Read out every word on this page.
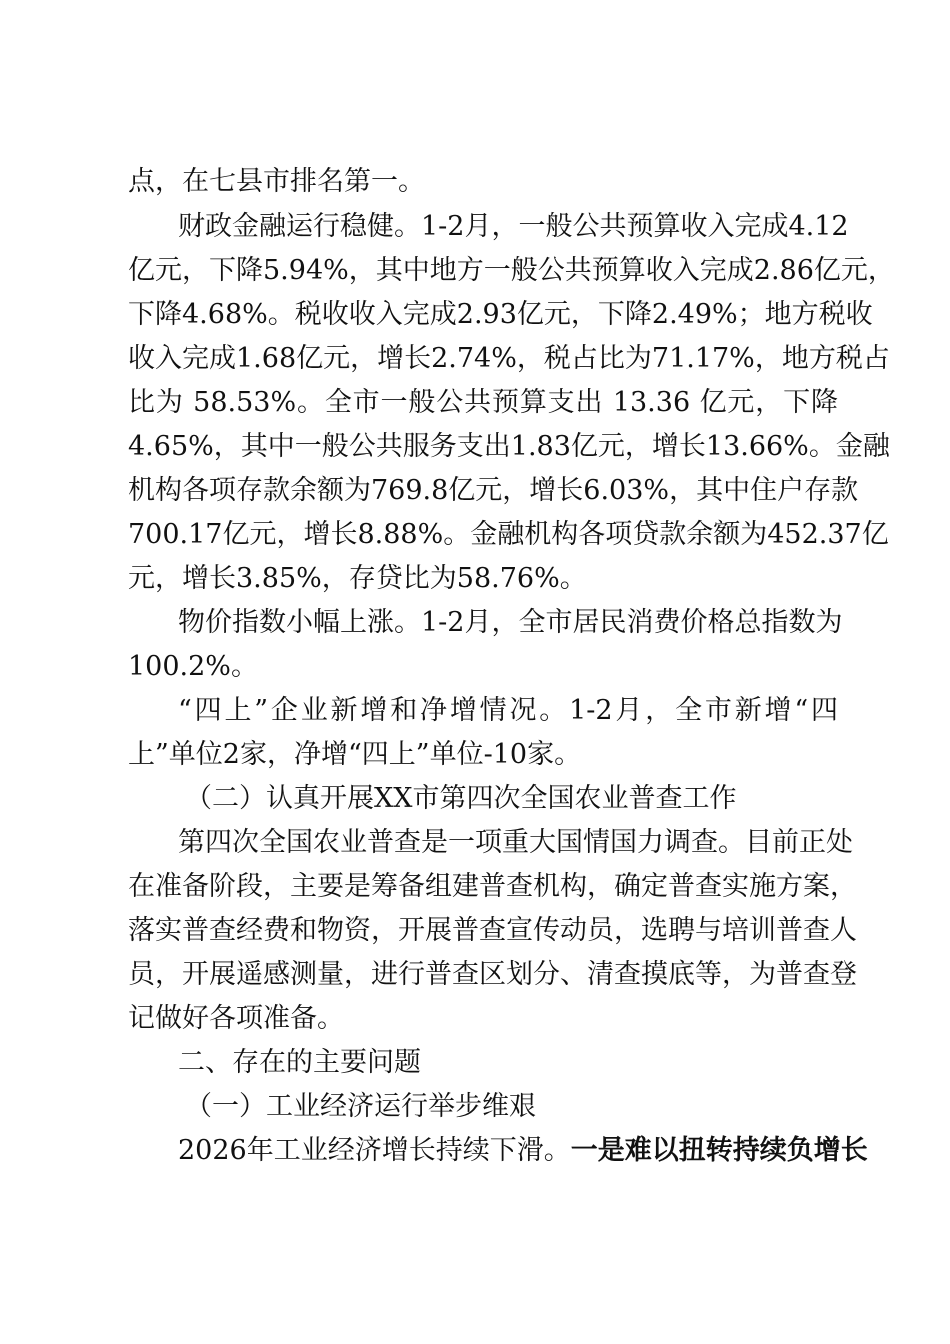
点，在七县市排名第一。
财政金融运行稳健。1-2月，一般公共预算收入完成4.12
亿元，下降5.94%，其中地方一般公共预算收入完成2.86亿元，
下降4.68%。税收收入完成2.93亿元，下降2.49%；地方税收
收入完成1.68亿元，增长2.74%，税占比为71.17%，地方税占
比为 58.53%。全市一般公共预算支出 13.36 亿元，下降
4.65%，其中一般公共服务支出1.83亿元，增长13.66%。金融
机构各项存款余额为769.8亿元，增长6.03%，其中住户存款
700.17亿元，增长8.88%。金融机构各项贷款余额为452.37亿
元，增长3.85%，存贷比为58.76%。
物价指数小幅上涨。1-2月，全市居民消费价格总指数为
100.2%。
“四上”企业新增和净增情况。1-2月，全市新增“四
上”单位2家，净增“四上”单位-10家。
（二）认真开展XX市第四次全国农业普查工作
第四次全国农业普查是一项重大国情国力调查。目前正处
在准备阶段，主要是筹备组建普查机构，确定普查实施方案，
落实普查经费和物资，开展普查宣传动员，选聘与培训普查人
员，开展遥感测量，进行普查区划分、清查摸底等，为普查登
记做好各项准备。
二、存在的主要问题
（一）工业经济运行举步维艰
2026年工业经济增长持续下滑。一是难以扭转持续负增长
